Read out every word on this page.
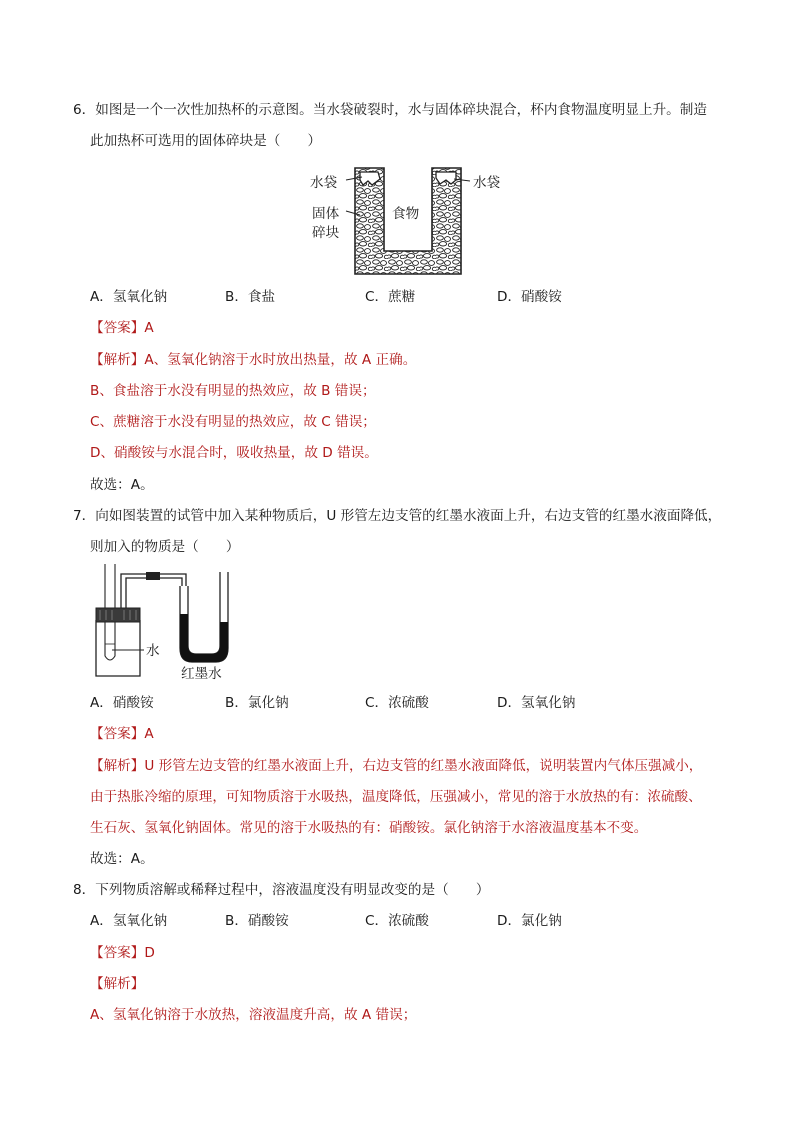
6．如图是一个一次性加热杯的示意图。当水袋破裂时，水与固体碎块混合，杯内食物温度明显上升。制造
此加热杯可选用的固体碎块是（　　）
水袋	水袋
固体
碎块
食物
A．氢氧化钠	B．食盐	C．蔗糖	D．硝酸铵
【答案】A
【解析】A、氢氧化钠溶于水时放出热量，故 A 正确。
B、食盐溶于水没有明显的热效应，故 B 错误；
C、蔗糖溶于水没有明显的热效应，故 C 错误；
D、硝酸铵与水混合时，吸收热量，故 D 错误。
故选：A。
7．向如图装置的试管中加入某种物质后，U 形管左边支管的红墨水液面上升，右边支管的红墨水液面降低，
则加入的物质是（　　）
水
红墨水
A．硝酸铵	B．氯化钠	C．浓硫酸	D．氢氧化钠
【答案】A
【解析】U 形管左边支管的红墨水液面上升，右边支管的红墨水液面降低，说明装置内气体压强减小，
由于热胀冷缩的原理，可知物质溶于水吸热，温度降低，压强减小，常见的溶于水放热的有：浓硫酸、
生石灰、氢氧化钠固体。常见的溶于水吸热的有：硝酸铵。氯化钠溶于水溶液温度基本不变。
故选：A。
8．下列物质溶解或稀释过程中，溶液温度没有明显改变的是（　　）
A．氢氧化钠	B．硝酸铵	C．浓硫酸	D．氯化钠
【答案】D
【解析】
A、氢氧化钠溶于水放热，溶液温度升高，故 A 错误；
